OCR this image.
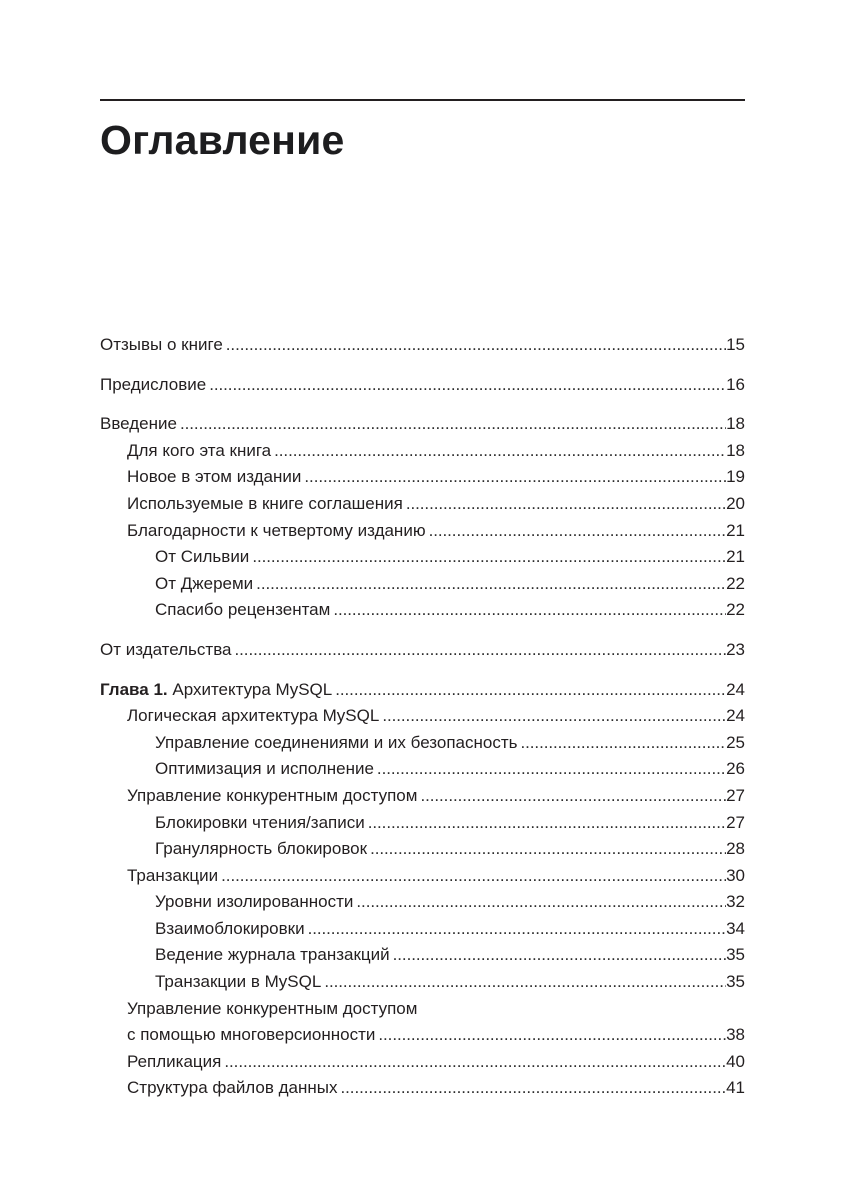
Оглавление
Отзывы о книге . . .	15
Предисловие . . .	16
Введение . . .	18
Для кого эта книга . . .	18
Новое в этом издании . . .	19
Используемые в книге соглашения . . .	20
Благодарности к четвертому изданию . . .	21
От Сильвии . . .	21
От Джереми . . .	22
Спасибо рецензентам . . .	22
От издательства . . .	23
Глава 1. Архитектура MySQL . . .	24
Логическая архитектура MySQL . . .	24
Управление соединениями и их безопасность . . .	25
Оптимизация и исполнение . . .	26
Управление конкурентным доступом . . .	27
Блокировки чтения/записи . . .	27
Гранулярность блокировок . . .	28
Транзакции . . .	30
Уровни изолированности . . .	32
Взаимоблокировки . . .	34
Ведение журнала транзакций . . .	35
Транзакции в MySQL . . .	35
Управление конкурентным доступом
с помощью многоверсионности . . .	38
Репликация . . .	40
Структура файлов данных . . .	41
